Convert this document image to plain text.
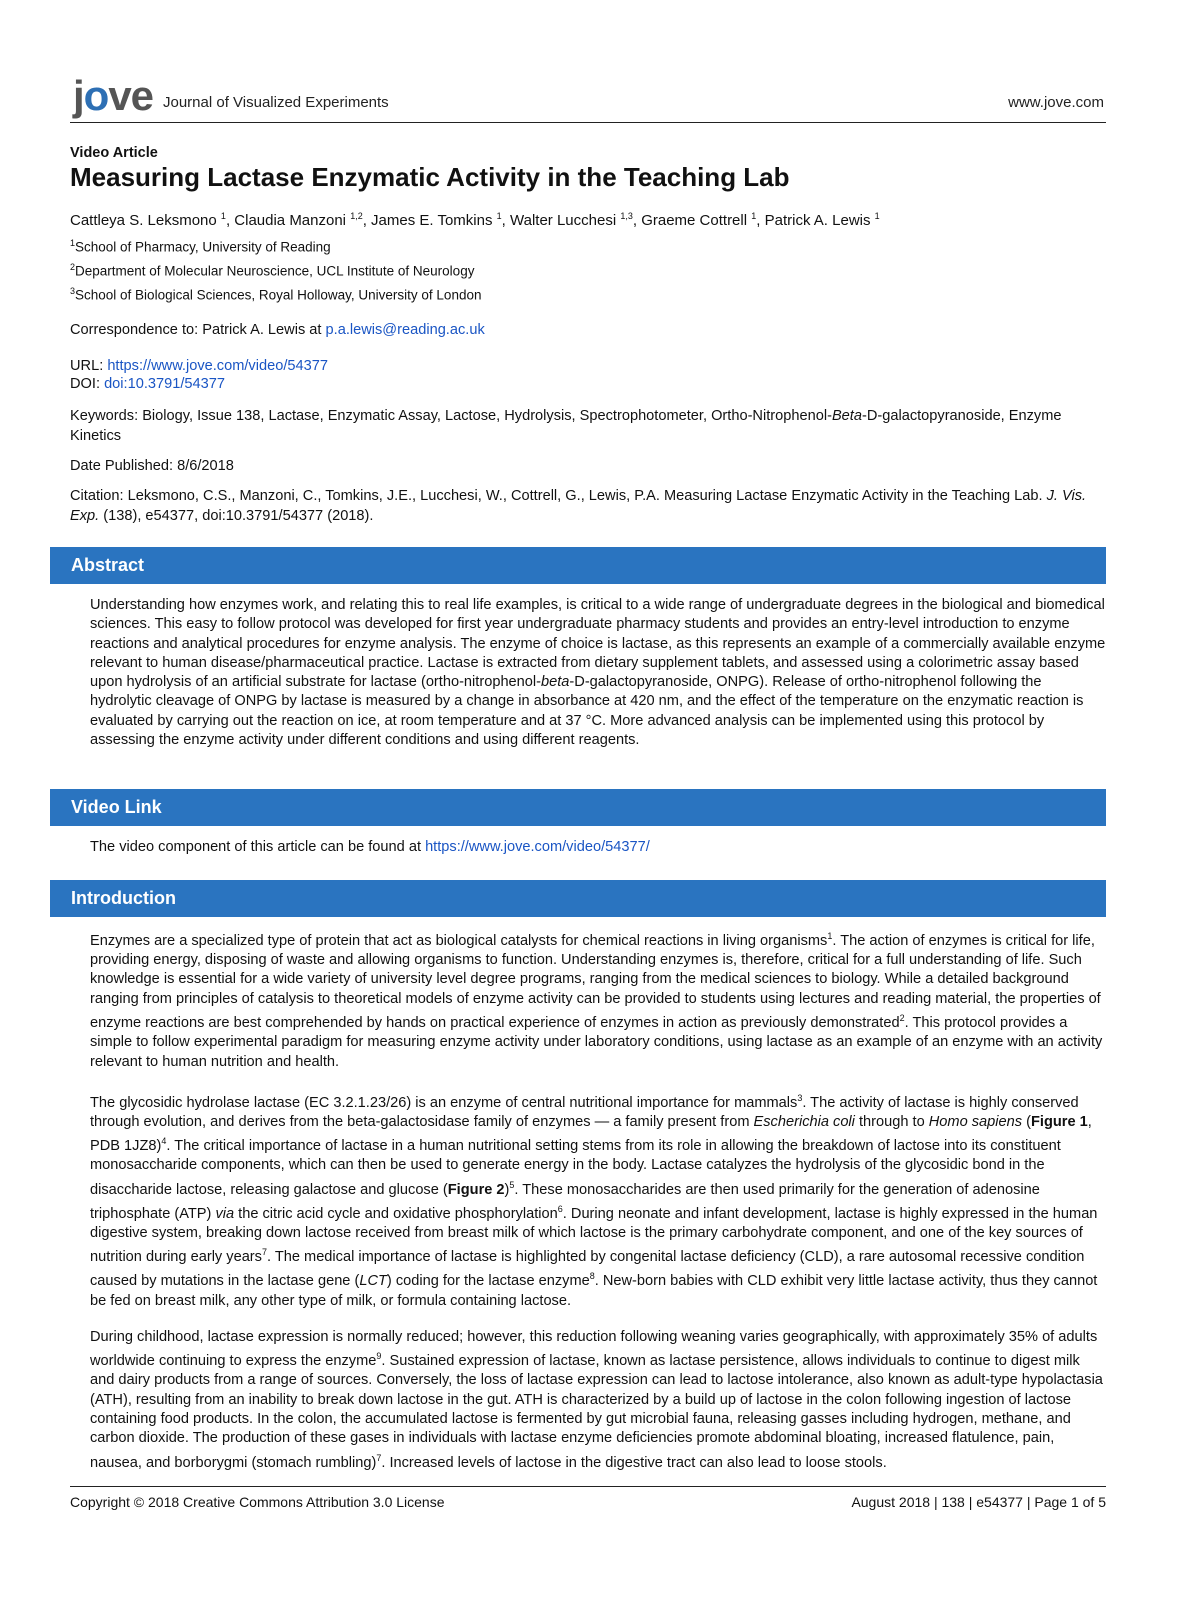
jove Journal of Visualized Experiments	www.jove.com
Video Article
Measuring Lactase Enzymatic Activity in the Teaching Lab
Cattleya S. Leksmono $^1$, Claudia Manzoni $^{1,2}$, James E. Tomkins $^1$, Walter Lucchesi $^{1,3}$, Graeme Cottrell $^1$, Patrick A. Lewis $^1$
$^1$School of Pharmacy, University of Reading
$^2$Department of Molecular Neuroscience, UCL Institute of Neurology
$^3$School of Biological Sciences, Royal Holloway, University of London
Correspondence to: Patrick A. Lewis at p.a.lewis@reading.ac.uk
URL: https://www.jove.com/video/54377
DOI: doi:10.3791/54377
Keywords: Biology, Issue 138, Lactase, Enzymatic Assay, Lactose, Hydrolysis, Spectrophotometer, Ortho-Nitrophenol-Beta-D-galactopyranoside, Enzyme Kinetics
Date Published: 8/6/2018
Citation: Leksmono, C.S., Manzoni, C., Tomkins, J.E., Lucchesi, W., Cottrell, G., Lewis, P.A. Measuring Lactase Enzymatic Activity in the Teaching Lab. J. Vis. Exp. (138), e54377, doi:10.3791/54377 (2018).
Abstract

Understanding how enzymes work, and relating this to real life examples, is critical to a wide range of undergraduate degrees in the biological and biomedical sciences. This easy to follow protocol was developed for first year undergraduate pharmacy students and provides an entry-level introduction to enzyme reactions and analytical procedures for enzyme analysis. The enzyme of choice is lactase, as this represents an example of a commercially available enzyme relevant to human disease/pharmaceutical practice. Lactase is extracted from dietary supplement tablets, and assessed using a colorimetric assay based upon hydrolysis of an artificial substrate for lactase (ortho-nitrophenol-beta-D-galactopyranoside, ONPG). Release of ortho-nitrophenol following the hydrolytic cleavage of ONPG by lactase is measured by a change in absorbance at 420 nm, and the effect of the temperature on the enzymatic reaction is evaluated by carrying out the reaction on ice, at room temperature and at 37 °C. More advanced analysis can be implemented using this protocol by assessing the enzyme activity under different conditions and using different reagents.

Video Link
The video component of this article can be found at https://www.jove.com/video/54377/
Introduction

Enzymes are a specialized type of protein that act as biological catalysts for chemical reactions in living organisms$^1$. The action of enzymes is critical for life, providing energy, disposing of waste and allowing organisms to function. Understanding enzymes is, therefore, critical for a full understanding of life. Such knowledge is essential for a wide variety of university level degree programs, ranging from the medical sciences to biology. While a detailed background ranging from principles of catalysis to theoretical models of enzyme activity can be provided to students using lectures and reading material, the properties of enzyme reactions are best comprehended by hands on practical experience of enzymes in action as previously demonstrated$^2$. This protocol provides a simple to follow experimental paradigm for measuring enzyme activity under laboratory conditions, using lactase as an example of an enzyme with an activity relevant to human nutrition and health.

The glycosidic hydrolase lactase (EC 3.2.1.23/26) is an enzyme of central nutritional importance for mammals$^3$. The activity of lactase is highly conserved through evolution, and derives from the beta-galactosidase family of enzymes — a family present from Escherichia coli through to Homo sapiens (Figure 1, PDB 1JZ8)$^4$. The critical importance of lactase in a human nutritional setting stems from its role in allowing the breakdown of lactose into its constituent monosaccharide components, which can then be used to generate energy in the body. Lactase catalyzes the hydrolysis of the glycosidic bond in the disaccharide lactose, releasing galactose and glucose (Figure 2)$^5$. These monosaccharides are then used primarily for the generation of adenosine triphosphate (ATP) via the citric acid cycle and oxidative phosphorylation$^6$. During neonate and infant development, lactase is highly expressed in the human digestive system, breaking down lactose received from breast milk of which lactose is the primary carbohydrate component, and one of the key sources of nutrition during early years$^7$. The medical importance of lactase is highlighted by congenital lactase deficiency (CLD), a rare autosomal recessive condition caused by mutations in the lactase gene (LCT) coding for the lactase enzyme$^8$. New-born babies with CLD exhibit very little lactase activity, thus they cannot be fed on breast milk, any other type of milk, or formula containing lactose.

During childhood, lactase expression is normally reduced; however, this reduction following weaning varies geographically, with approximately 35% of adults worldwide continuing to express the enzyme$^9$. Sustained expression of lactase, known as lactase persistence, allows individuals to continue to digest milk and dairy products from a range of sources. Conversely, the loss of lactase expression can lead to lactose intolerance, also known as adult-type hypolactasia (ATH), resulting from an inability to break down lactose in the gut. ATH is characterized by a build up of lactose in the colon following ingestion of lactose containing food products. In the colon, the accumulated lactose is fermented by gut microbial fauna, releasing gasses including hydrogen, methane, and carbon dioxide. The production of these gases in individuals with lactase enzyme deficiencies promote abdominal bloating, increased flatulence, pain, nausea, and borborygmi (stomach rumbling)$^7$. Increased levels of lactose in the digestive tract can also lead to loose stools.

Copyright © 2018 Creative Commons Attribution 3.0 License	August 2018 | 138 | e54377 | Page 1 of 5
